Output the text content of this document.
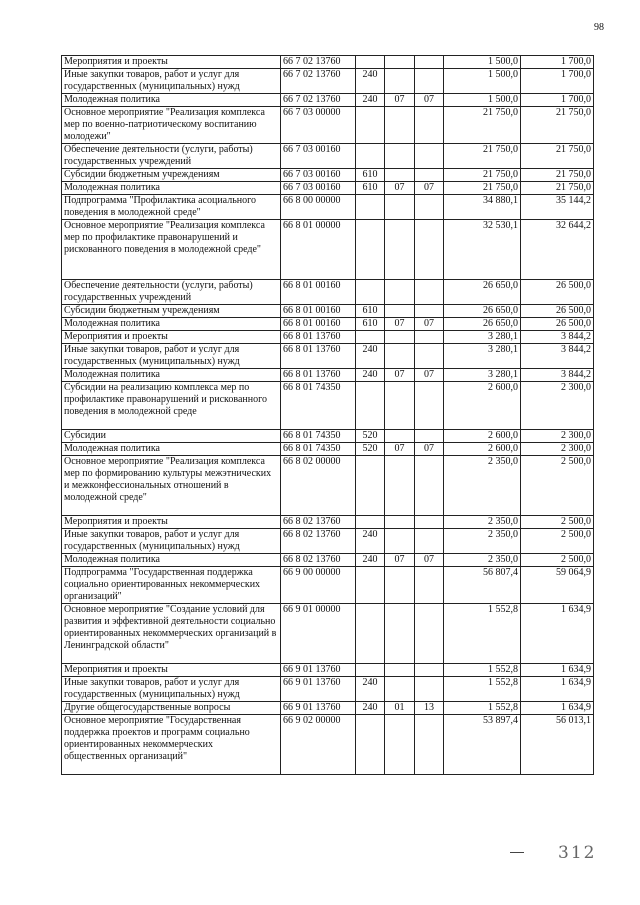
98
Мероприятия и проекты	66 7 02 13760				1 500,0	1 700,0
Иные закупки товаров, работ и услуг для государственных (муниципальных) нужд	66 7 02 13760	240			1 500,0	1 700,0
Молодежная политика	66 7 02 13760	240	07	07	1 500,0	1 700,0
Основное мероприятие "Реализация комплекса мер по военно-патриотическому воспитанию молодежи"	66 7 03 00000				21 750,0	21 750,0
Обеспечение деятельности (услуги, работы) государственных учреждений	66 7 03 00160				21 750,0	21 750,0
Субсидии бюджетным учреждениям	66 7 03 00160	610			21 750,0	21 750,0
Молодежная политика	66 7 03 00160	610	07	07	21 750,0	21 750,0
Подпрограмма "Профилактика асоциального поведения в молодежной среде"	66 8 00 00000				34 880,1	35 144,2
Основное мероприятие "Реализация комплекса мер по профилактике правонарушений и рискованного поведения в молодежной среде"	66 8 01 00000				32 530,1	32 644,2
Обеспечение деятельности (услуги, работы) государственных учреждений	66 8 01 00160				26 650,0	26 500,0
Субсидии бюджетным учреждениям	66 8 01 00160	610			26 650,0	26 500,0
Молодежная политика	66 8 01 00160	610	07	07	26 650,0	26 500,0
Мероприятия и проекты	66 8 01 13760				3 280,1	3 844,2
Иные закупки товаров, работ и услуг для государственных (муниципальных) нужд	66 8 01 13760	240			3 280,1	3 844,2
Молодежная политика	66 8 01 13760	240	07	07	3 280,1	3 844,2
Субсидии на реализацию комплекса мер по профилактике правонарушений и рискованного поведения в молодежной среде	66 8 01 74350				2 600,0	2 300,0
Субсидии	66 8 01 74350	520			2 600,0	2 300,0
Молодежная политика	66 8 01 74350	520	07	07	2 600,0	2 300,0
Основное мероприятие "Реализация комплекса мер по формированию культуры межэтнических и межконфессиональных отношений в молодежной среде"	66 8 02 00000				2 350,0	2 500,0
Мероприятия и проекты	66 8 02 13760				2 350,0	2 500,0
Иные закупки товаров, работ и услуг для государственных (муниципальных) нужд	66 8 02 13760	240			2 350,0	2 500,0
Молодежная политика	66 8 02 13760	240	07	07	2 350,0	2 500,0
Подпрограмма "Государственная поддержка социально ориентированных некоммерческих организаций"	66 9 00 00000				56 807,4	59 064,9
Основное мероприятие "Создание условий для развития и эффективной деятельности социально ориентированных некоммерческих организаций в Ленинградской области"	66 9 01 00000				1 552,8	1 634,9
Мероприятия и проекты	66 9 01 13760				1 552,8	1 634,9
Иные закупки товаров, работ и услуг для государственных (муниципальных) нужд	66 9 01 13760	240			1 552,8	1 634,9
Другие общегосударственные вопросы	66 9 01 13760	240	01	13	1 552,8	1 634,9
Основное мероприятие "Государственная поддержка проектов и программ социально ориентированных некоммерческих общественных организаций"	66 9 02 00000				53 897,4	56 013,1
312
